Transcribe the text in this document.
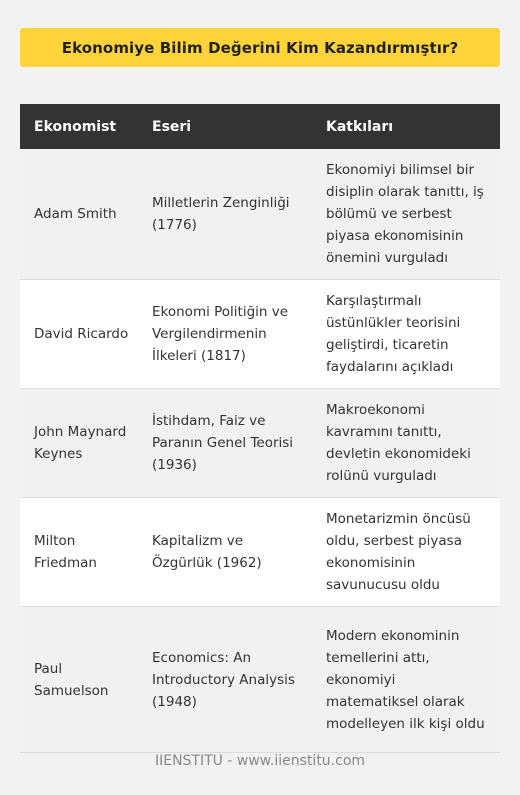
Ekonomiye Bilim Değerini Kim Kazandırmıştır?
Ekonomist	Eseri	Katkıları
Adam Smith	Milletlerin Zenginliği (1776)	Ekonomiyi bilimsel bir disiplin olarak tanıttı, iş bölümü ve serbest piyasa ekonomisinin önemini vurguladı
David Ricardo	Ekonomi Politiğin ve Vergilendirmenin İlkeleri (1817)	Karşılaştırmalı üstünlükler teorisini geliştirdi, ticaretin faydalarını açıkladı
John Maynard Keynes	İstihdam, Faiz ve Paranın Genel Teorisi (1936)	Makroekonomi kavramını tanıttı, devletin ekonomideki rolünü vurguladı
Milton Friedman	Kapitalizm ve Özgürlük (1962)	Monetarizmin öncüsü oldu, serbest piyasa ekonomisinin savunucusu oldu
Paul Samuelson	Economics: An Introductory Analysis (1948)	Modern ekonominin temellerini attı, ekonomiyi matematiksel olarak modelleyen ilk kişi oldu
IIENSTITU - www.iienstitu.com
